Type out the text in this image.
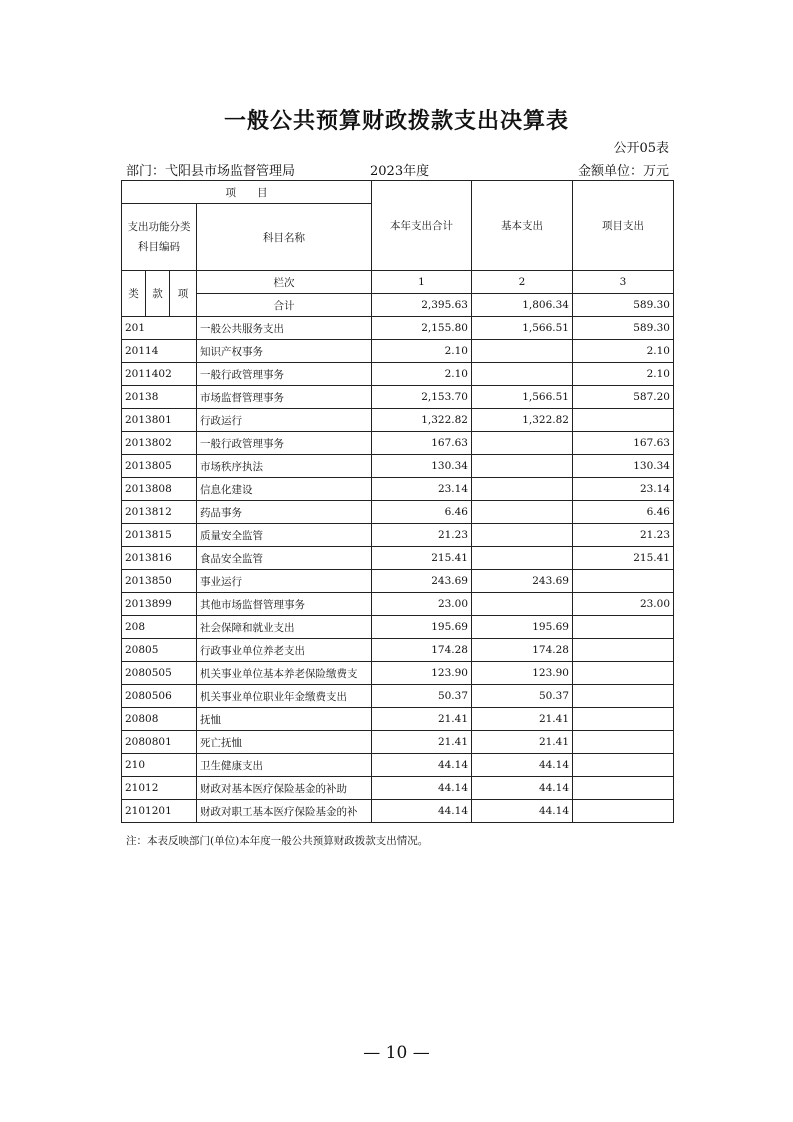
一般公共预算财政拨款支出决算表
公开05表
部门：弋阳县市场监督管理局	2023年度	金额单位：万元
项　　目				本年支出合计	基本支出	项目支出
支出功能分类
科目编码			科目名称			
类	款	项	栏次	1	2	3
			合计	2,395.63	1,806.34	589.30
201			一般公共服务支出	2,155.80	1,566.51	589.30
20114			知识产权事务	2.10		2.10
2011402			一般行政管理事务	2.10		2.10
20138			市场监督管理事务	2,153.70	1,566.51	587.20
2013801			行政运行	1,322.82	1,322.82	
2013802			一般行政管理事务	167.63		167.63
2013805			市场秩序执法	130.34		130.34
2013808			信息化建设	23.14		23.14
2013812			药品事务	6.46		6.46
2013815			质量安全监管	21.23		21.23
2013816			食品安全监管	215.41		215.41
2013850			事业运行	243.69	243.69	
2013899			其他市场监督管理事务	23.00		23.00
208			社会保障和就业支出	195.69	195.69	
20805			行政事业单位养老支出	174.28	174.28	
2080505			机关事业单位基本养老保险缴费支	123.90	123.90	
2080506			机关事业单位职业年金缴费支出	50.37	50.37	
20808			抚恤	21.41	21.41	
2080801			死亡抚恤	21.41	21.41	
210			卫生健康支出	44.14	44.14	
21012			财政对基本医疗保险基金的补助	44.14	44.14	
2101201			财政对职工基本医疗保险基金的补	44.14	44.14	
注：本表反映部门(单位)本年度一般公共预算财政拨款支出情况。
— 10 —
